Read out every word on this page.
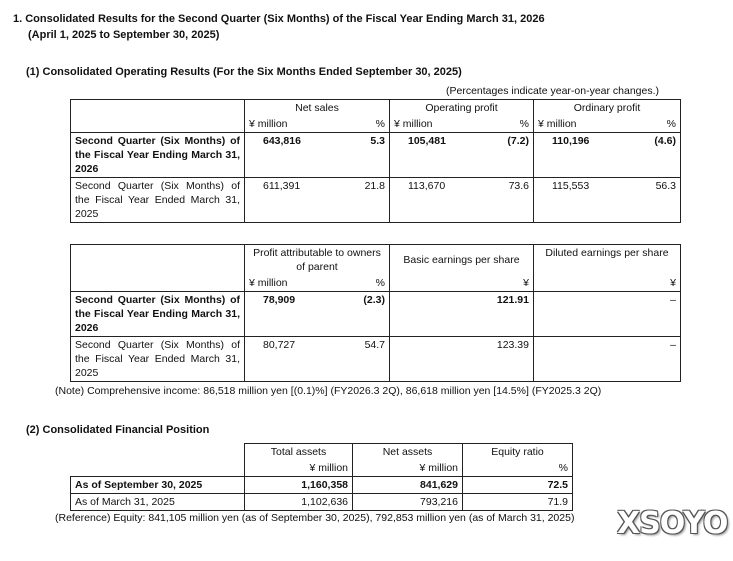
1. Consolidated Results for the Second Quarter (Six Months) of the Fiscal Year Ending March 31, 2026
(April 1, 2025 to September 30, 2025)
(1) Consolidated Operating Results (For the Six Months Ended September 30, 2025)
(Percentages indicate year-on-year changes.)
	Net sales		Operating profit		Ordinary profit	
	¥ million	%	¥ million	%	¥ million	%
Second Quarter (Six Months) of the Fiscal Year Ending March 31, 2026	643,816	5.3	105,481	(7.2)	110,196	(4.6)
Second Quarter (Six Months) of the Fiscal Year Ended March 31, 2025	611,391	21.8	113,670	73.6	115,553	56.3
	Profit attributable to owners of parent		Basic earnings per share	Diluted earnings per share
	¥ million	%	¥	¥
Second Quarter (Six Months) of the Fiscal Year Ending March 31, 2026	78,909	(2.3)	121.91	–
Second Quarter (Six Months) of the Fiscal Year Ended March 31, 2025	80,727	54.7	123.39	–
(Note) Comprehensive income: 86,518 million yen [(0.1)%] (FY2026.3 2Q), 86,618 million yen [14.5%] (FY2025.3 2Q)
(2) Consolidated Financial Position
	Total assets	Net assets	Equity ratio
	¥ million	¥ million	%
As of September 30, 2025	1,160,358	841,629	72.5
As of March 31, 2025	1,102,636	793,216	71.9
(Reference) Equity: 841,105 million yen (as of September 30, 2025), 792,853 million yen (as of March 31, 2025) XSOYO
